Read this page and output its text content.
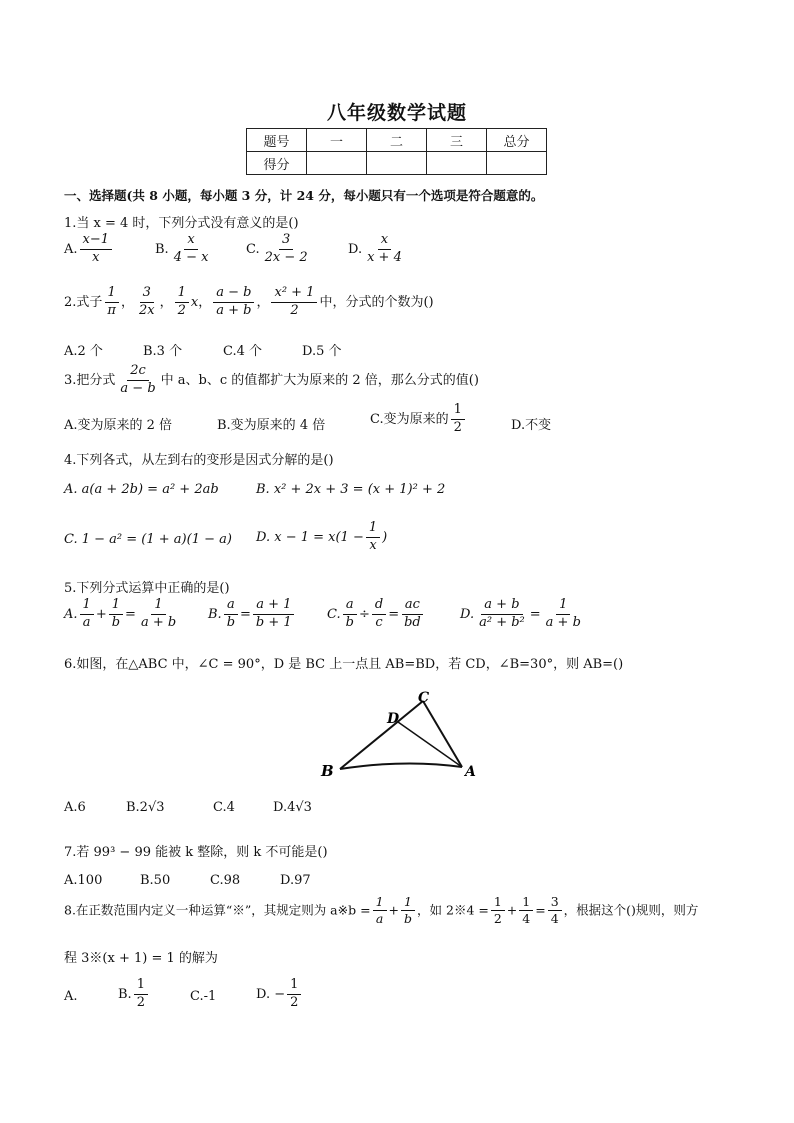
八年级数学试题
题号	一	二	三	总分
得分				
一、选择题(共 8 小题，每小题 3 分，计 24 分，每小题只有一个选项是符合题意的。
1.当 x = 4 时，下列分式没有意义的是()
A. $\frac{x-1}{x}$	B. $\frac{x}{4 - x}$	C. $\frac{3}{2x - 2}$	D. $\frac{x}{x + 4}$
2.式子 $\frac{1}{\pi}$ ， $\frac{3}{2x}$ ， $\frac{1}{2}$ x， $\frac{a - b}{a + b}$ ， $\frac{\text{x² + 1}}{2}$ 中，分式的个数为()
A.2 个	B.3 个	C.4 个	D.5 个
3.把分式 $\frac{2c}{a - b}$ 中 a、b、c 的值都扩大为原来的 2 倍，那么分式的值()
A.变为原来的 2 倍	B.变为原来的 4 倍	C.变为原来的 $\frac{1}{2}$	D.不变
4.下列各式，从左到右的变形是因式分解的是()
A. a(a + 2b) = a² + 2ab	B. x² + 2x + 3 = (x + 1)² + 2
C. 1 − a² = (1 + a)(1 − a) D. $x - 1 = x(1 - \frac{1}{x}$ )
5.下列分式运算中正确的是()
A. $\frac{1}{a} + \frac{1}{b} = \frac{1}{a + b} B$. $\frac{a}{b} = \frac{a + 1}{b + 1} C$. $\frac{a}{b} \div \frac{d}{c} = \frac{ac}{bd}$	D. $\frac{a + b}{\text{a² + b²}} = \frac{1}{a + b}$
6.如图，在△ABC 中，∠C = 90°，D 是 BC 上一点且 AB=BD，若 CD，∠B=30°，则 AB=()
C
D
B	A
A.6	B.2√3	C.4	D.4√3
7.若 99³ − 99 能被 k 整除，则 k 不可能是()
A.100	B.50	C.98	D.97
8.在正数范围内定义一种运算“※”，其规定则为 a※b = $\frac{1}{a} + \frac{1}{b}$ ，如 2※4 = $\frac{1}{2} + \frac{1}{4} = \frac{3}{4}$ ，根据这个()规则，则方
程 3※(x + 1) = 1 的解为
A.	B. $\frac{1}{2}$	C.-1	D. − $\frac{1}{2}$
